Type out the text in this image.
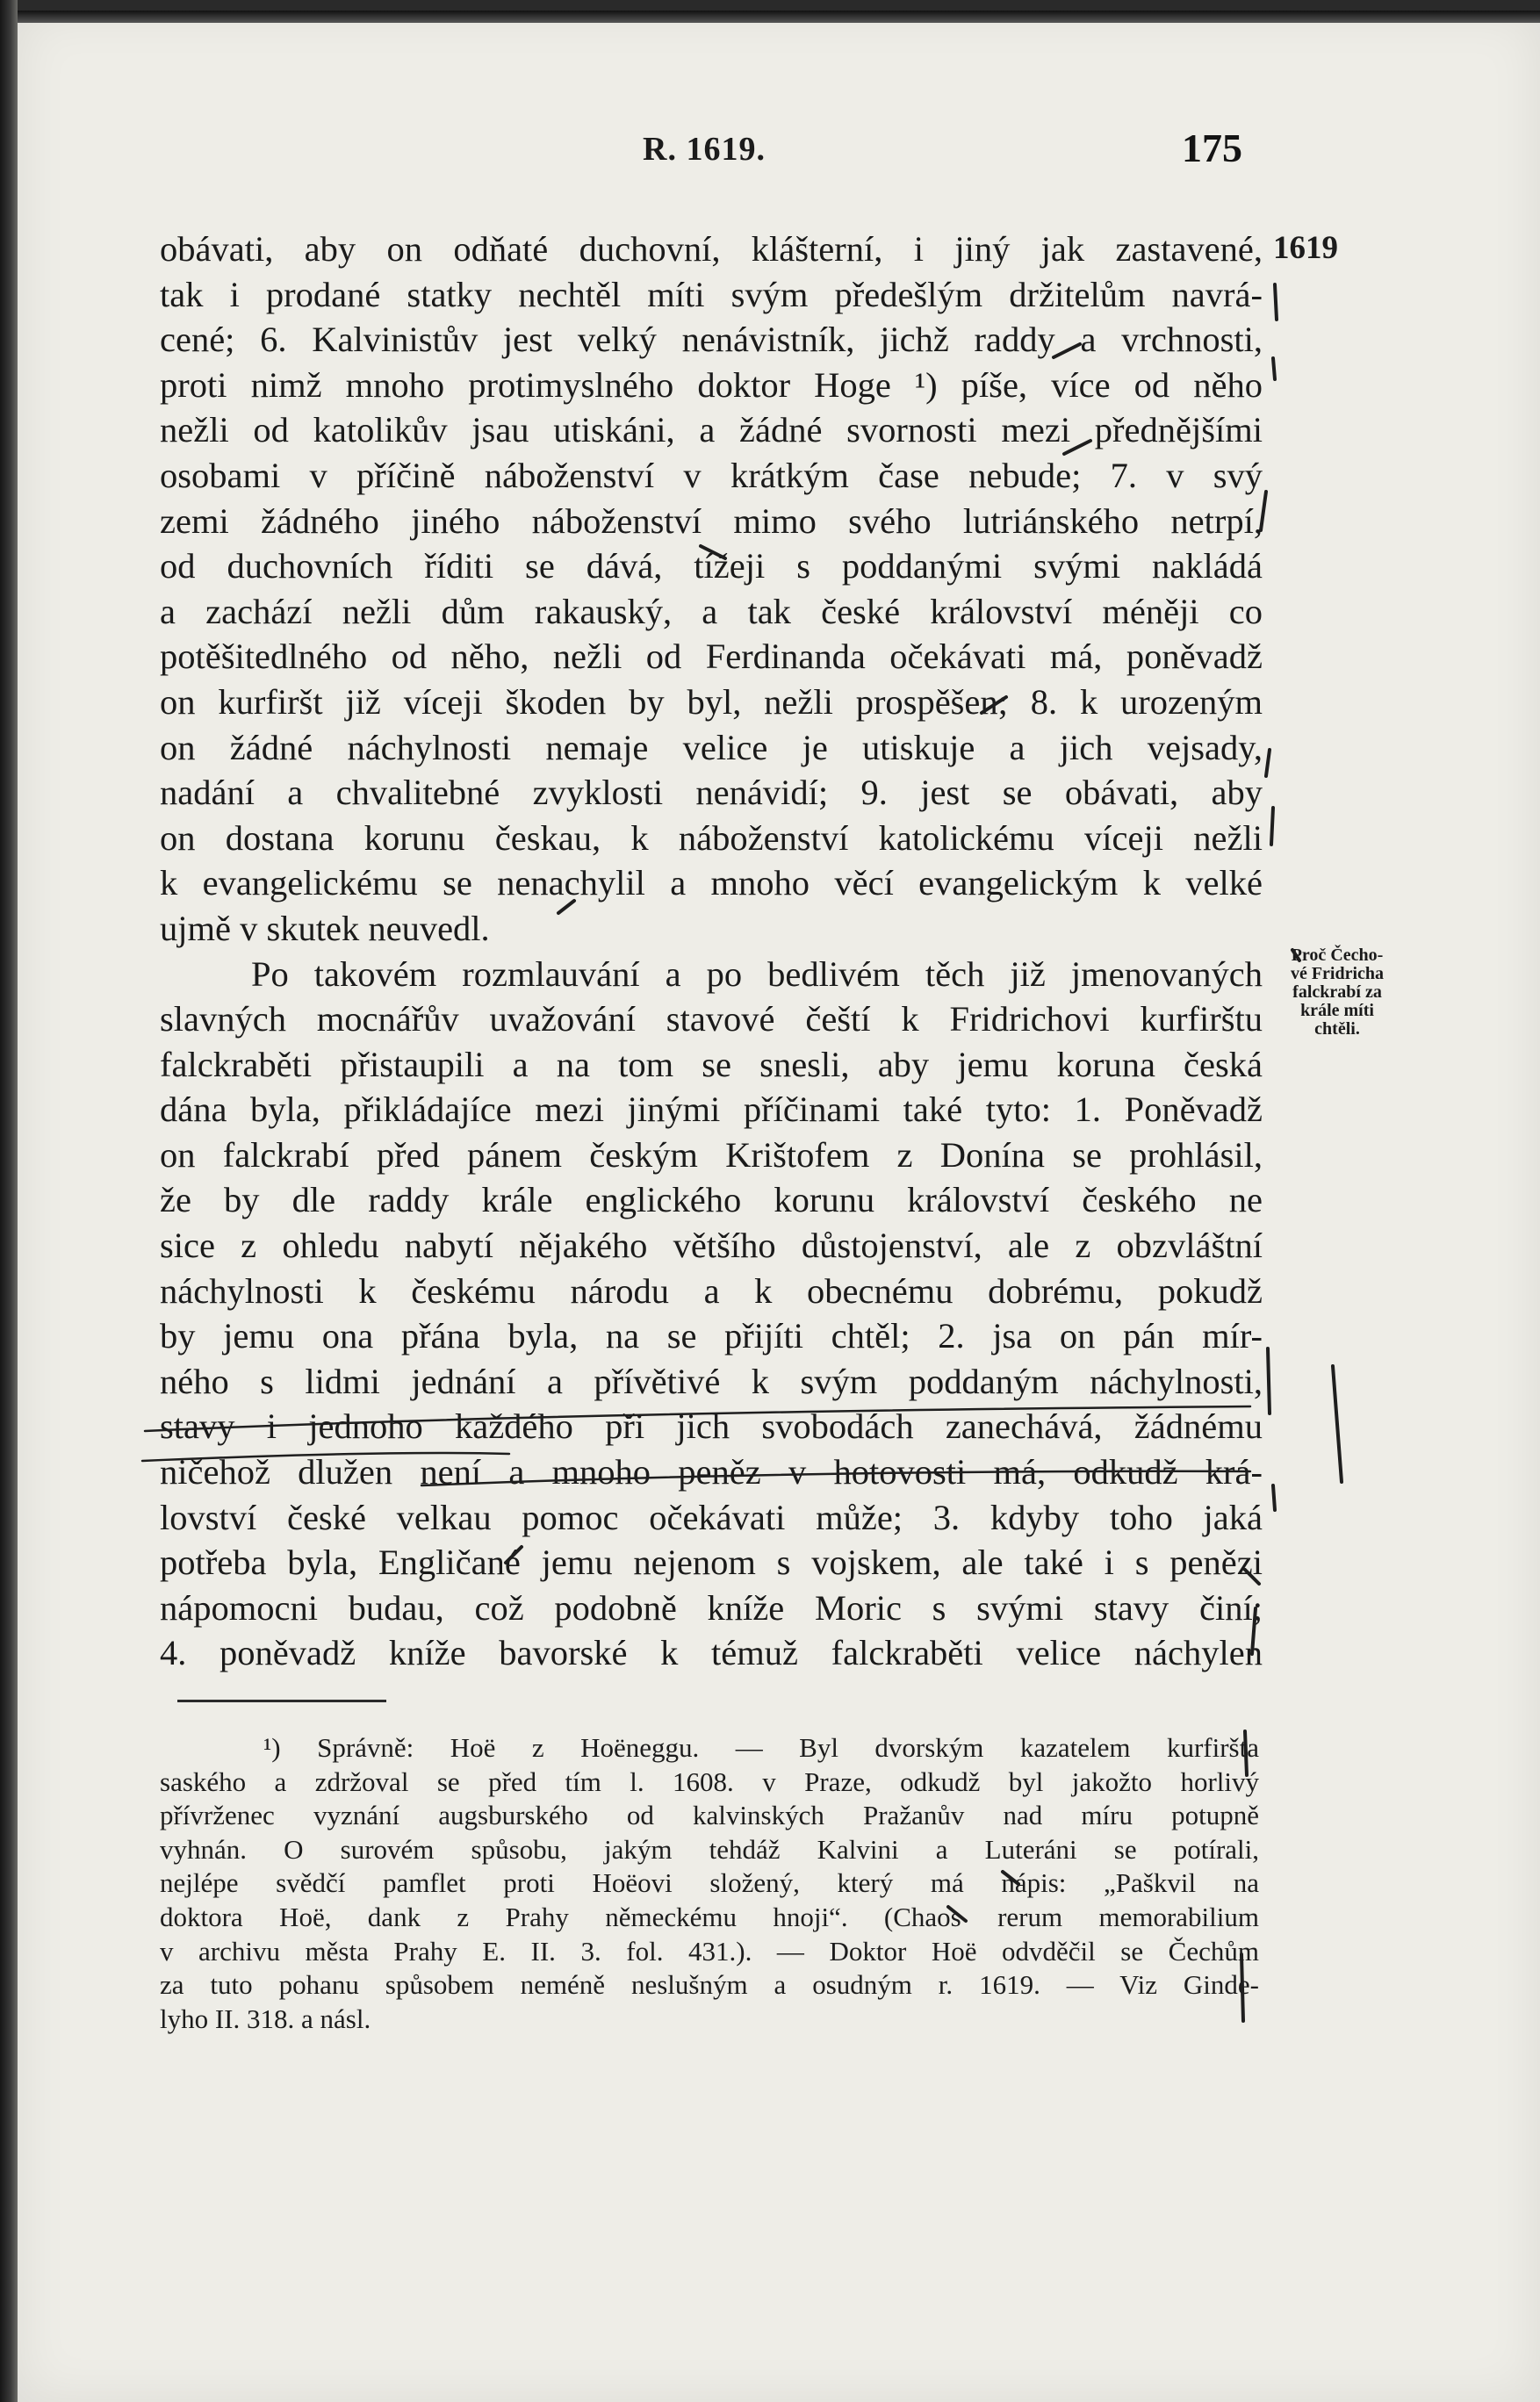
R. 1619.	175
1619
Proč Čecho-
vé Fridricha
falckrabí za
krále míti
chtěli.
obávati, aby on odňaté duchovní, klášterní, i jiný jak zastavené,
tak i prodané statky nechtěl míti svým předešlým držitelům navrá-
cené; 6. Kalvinistův jest velký nenávistník, jichž raddy a vrchnosti,
proti nimž mnoho protimyslného doktor Hoge ¹) píše, více od něho
nežli od katolikův jsau utiskáni, a žádné svornosti mezi přednějšími
osobami v příčině náboženství v krátkým čase nebude; 7. v svý
zemi žádného jiného náboženství mimo svého lutriánského netrpí,
od duchovních říditi se dává, tížeji s poddanými svými nakládá
a zachází nežli dům rakauský, a tak české království méněji co
potěšitedlného od něho, nežli od Ferdinanda očekávati má, poněvadž
on kurfiršt již víceji škoden by byl, nežli prospěšen; 8. k urozeným
on žádné náchylnosti nemaje velice je utiskuje a jich vejsady,
nadání a chvalitebné zvyklosti nenávidí; 9. jest se obávati, aby
on dostana korunu českau, k náboženství katolickému víceji nežli
k evangelickému se nenachylil a mnoho věcí evangelickým k velké
ujmě v skutek neuvedl.
Po takovém rozmlauvání a po bedlivém těch již jmenovaných
slavných mocnářův uvažování stavové čeští k Fridrichovi kurfirštu
falckraběti přistaupili a na tom se snesli, aby jemu koruna česká
dána byla, přikládajíce mezi jinými příčinami také tyto: 1. Poněvadž
on falckrabí před pánem českým Krištofem z Donína se prohlásil,
že by dle raddy krále englického korunu království českého ne
sice z ohledu nabytí nějakého většího důstojenství, ale z obzvláštní
náchylnosti k českému národu a k obecnému dobrému, pokudž
by jemu ona přána byla, na se přijíti chtěl; 2. jsa on pán mír-
ného s lidmi jednání a přívětivé k svým poddaným náchylnosti,
stavy i jednoho každého při jich svobodách zanechává, žádnému
ničehož dlužen není a mnoho peněz v hotovosti má, odkudž krá-
lovství české velkau pomoc očekávati může; 3. kdyby toho jaká
potřeba byla, Engličané jemu nejenom s vojskem, ale také i s penězi
nápomocni budau, což podobně kníže Moric s svými stavy činí;
4. poněvadž kníže bavorské k témuž falckraběti velice náchylen
¹) Správně: Hoë z Hoëneggu. — Byl dvorským kazatelem kurfiršta
saského a zdržoval se před tím l. 1608. v Praze, odkudž byl jakožto horlivý
přívrženec vyznání augsburského od kalvinských Pražanův nad míru potupně
vyhnán. O surovém spůsobu, jakým tehdáž Kalvini a Luteráni se potírali,
nejlépe svědčí pamflet proti Hoëovi složený, který má nápis: „Paškvil na
doktora Hoë, dank z Prahy německému hnoji“. (Chaos rerum memorabilium
v archivu města Prahy E. II. 3. fol. 431.). — Doktor Hoë odvděčil se Čechům
za tuto pohanu spůsobem neméně neslušným a osudným r. 1619. — Viz Ginde-
lyho II. 318. a násl.
